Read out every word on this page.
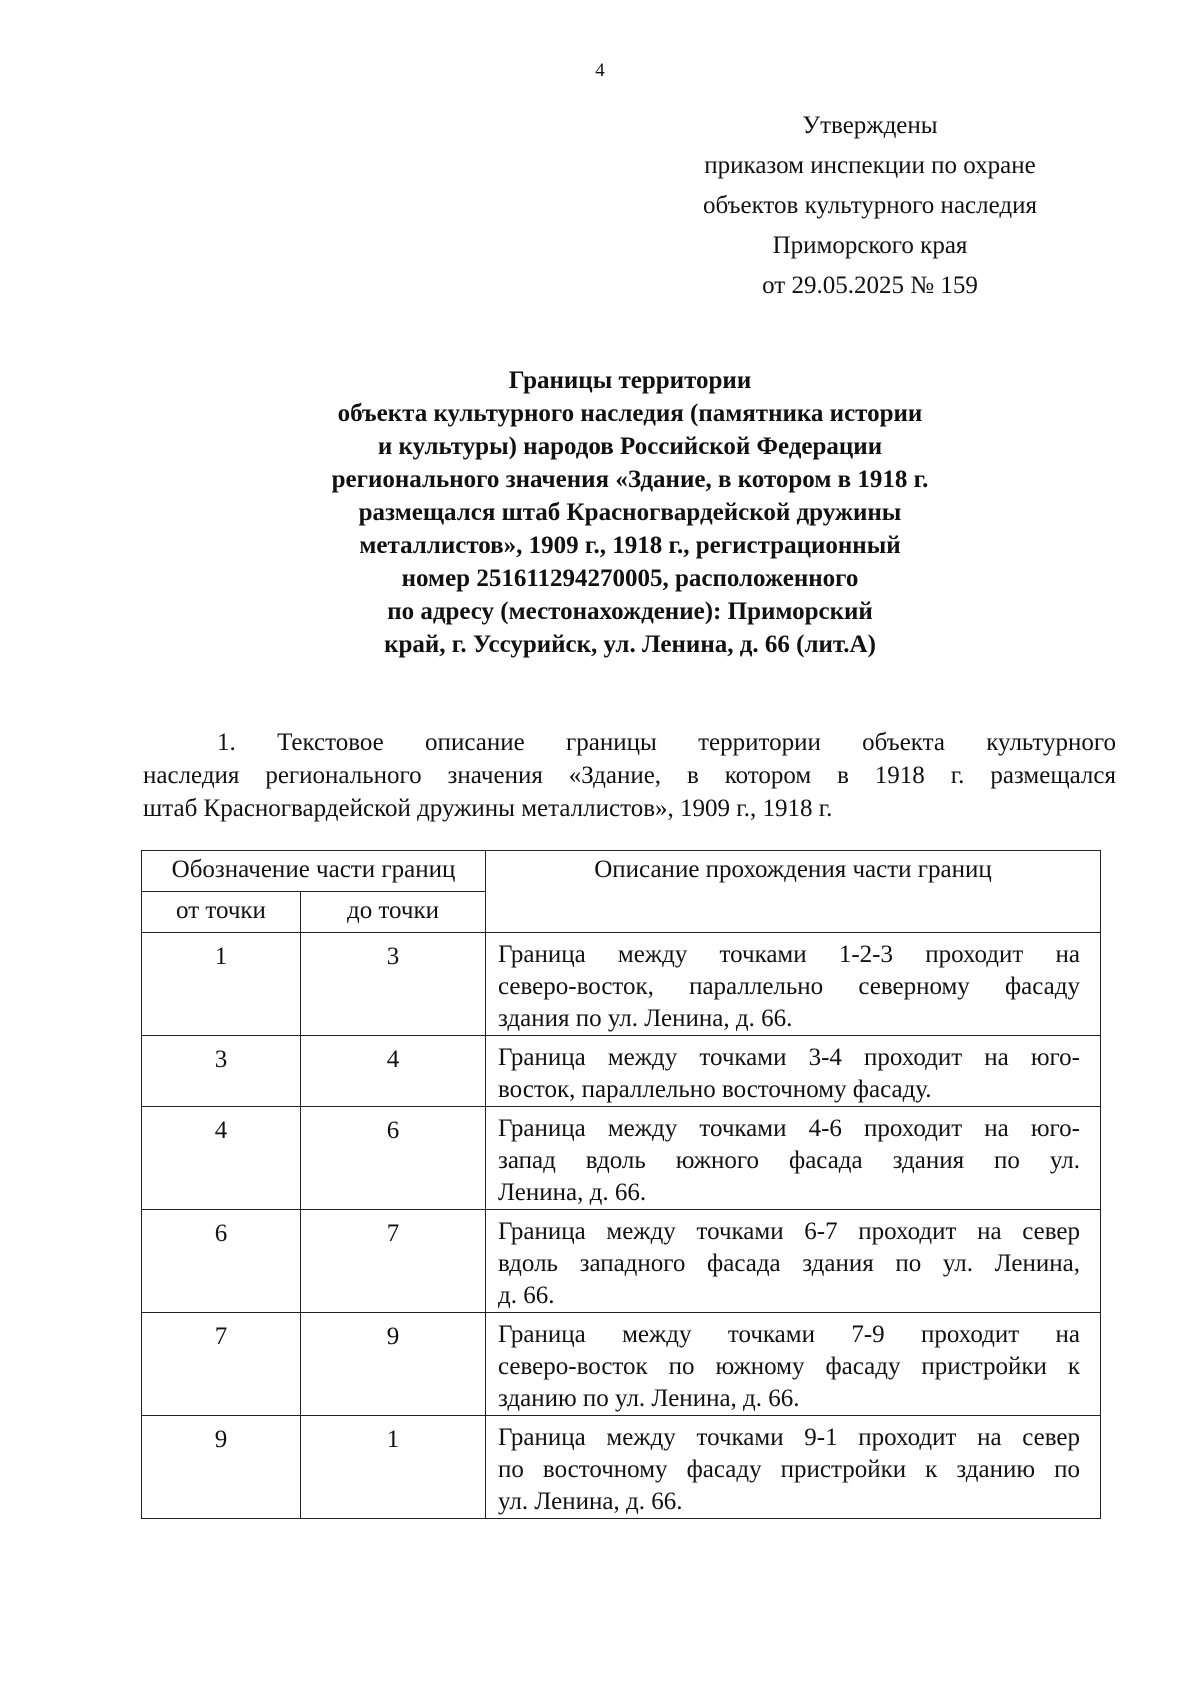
4
Утверждены
приказом инспекции по охране
объектов культурного наследия
Приморского края
от 29.05.2025 № 159
Границы территории
объекта культурного наследия (памятника истории
и культуры) народов Российской Федерации
регионального значения «Здание, в котором в 1918 г.
размещался штаб Красногвардейской дружины
металлистов», 1909 г., 1918 г., регистрационный
номер 251611294270005, расположенного
по адресу (местонахождение): Приморский
край, г. Уссурийск, ул. Ленина, д. 66 (лит.А)
1. Текстовое описание границы территории объекта культурного
наследия регионального значения «Здание, в котором в 1918 г. размещался
штаб Красногвардейской дружины металлистов», 1909 г., 1918 г.
Обозначение части границ		Описание прохождения части границ
от точки	до точки	
1	3	Граница между точками 1-2-3 проходит на
северо-восток, параллельно северному фасаду
здания по ул. Ленина, д. 66.

3	4	Граница между точками 3-4 проходит на юго-
восток, параллельно восточному фасаду.

4	6	Граница между точками 4-6 проходит на юго-
запад вдоль южного фасада здания по ул.
Ленина, д. 66.

6	7	Граница между точками 6-7 проходит на север
вдоль западного фасада здания по ул. Ленина,
д. 66.

7	9	Граница между точками 7-9 проходит на
северо-восток по южному фасаду пристройки к
зданию по ул. Ленина, д. 66.

9	1	Граница между точками 9-1 проходит на север
по восточному фасаду пристройки к зданию по
ул. Ленина, д. 66.
